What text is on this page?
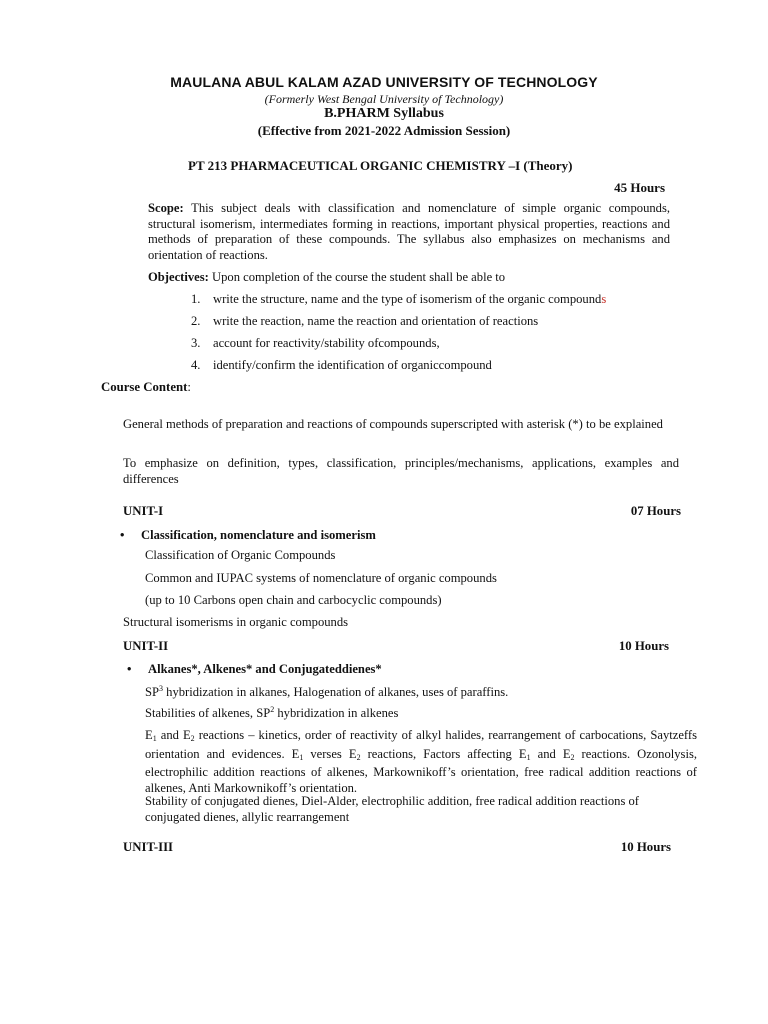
MAULANA ABUL KALAM AZAD UNIVERSITY OF TECHNOLOGY
(Formerly West Bengal University of Technology)
B.PHARM Syllabus
(Effective from 2021-2022 Admission Session)
PT 213 PHARMACEUTICAL ORGANIC CHEMISTRY –I (Theory)
45 Hours
Scope: This subject deals with classification and nomenclature of simple organic compounds, structural isomerism, intermediates forming in reactions, important physical properties, reactions and methods of preparation of these compounds. The syllabus also emphasizes on mechanisms and orientation of reactions.
Objectives: Upon completion of the course the student shall be able to
1. write the structure, name and the type of isomerism of the organic compounds
2. write the reaction, name the reaction and orientation of reactions
3. account for reactivity/stability ofcompounds,
4. identify/confirm the identification of organiccompound
Course Content:
General methods of preparation and reactions of compounds superscripted with asterisk (*) to be explained
To emphasize on definition, types, classification, principles/mechanisms, applications, examples and differences
UNIT-I	07 Hours
•	Classification, nomenclature and isomerism
Classification of Organic Compounds
Common and IUPAC systems of nomenclature of organic compounds
(up to 10 Carbons open chain and carbocyclic compounds)
Structural isomerisms in organic compounds
UNIT-II	10 Hours
•	Alkanes*, Alkenes* and Conjugateddienes*
$SP^3$ hybridization in alkanes, Halogenation of alkanes, uses of paraffins.
Stabilities of alkenes, $SP^2$ hybridization in alkenes
$E_1$ and $E_2$ reactions – kinetics, order of reactivity of alkyl halides, rearrangement of carbocations, Saytzeffs orientation and evidences. $E_1$ verses $E_2$ reactions, Factors affecting $E_1$ and $E_2$ reactions. Ozonolysis, electrophilic addition reactions of alkenes, Markownikoff’s orientation, free radical addition reactions of alkenes, Anti Markownikoff’s orientation.
Stability of conjugated dienes, Diel-Alder, electrophilic addition, free radical addition reactions of conjugated dienes, allylic rearrangement
UNIT-III	10 Hours
